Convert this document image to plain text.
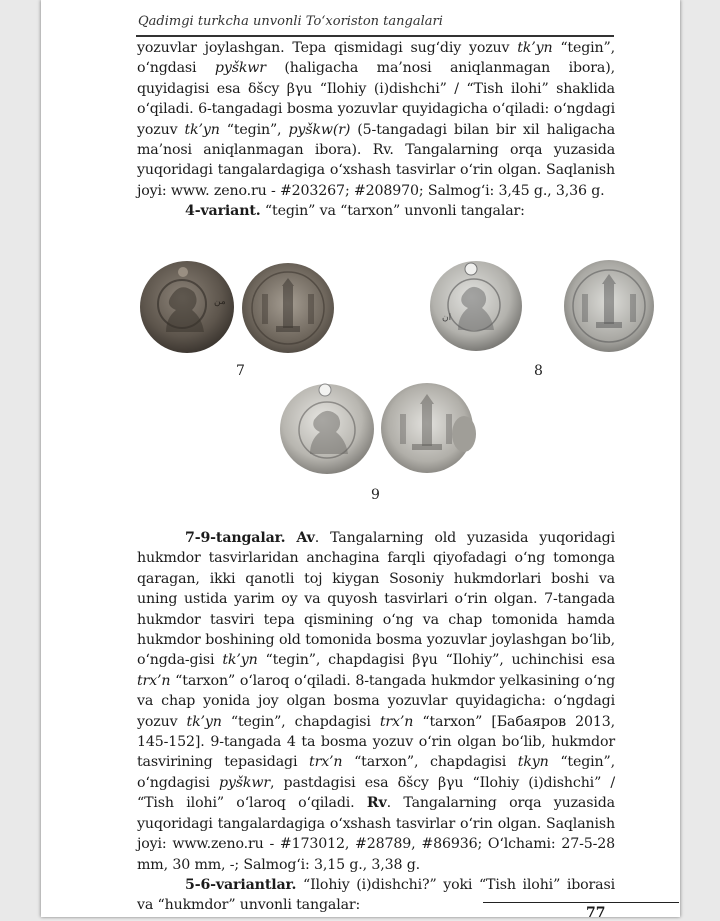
Qadimgi turkcha unvonli To‘xoriston tangalari

yozuvlar joylashgan. Tepa qismidagi sug‘diy yozuv tk’yn “tegin”, o‘ngdasi pyškwr (haligacha ma’nosi aniqlanmagan ibora), quyidagisi esa δšcy βγu “Ilohiy (i)dishchi” / “Tish ilohi” shaklida o‘qiladi. 6-tangadagi bosma yozuvlar quyidagicha o‘qiladi: o‘ngdagi yozuv tk’yn “tegin”, pyškw(r) (5-tangadagi bilan bir xil haligacha ma’nosi aniqlanmagan ibora). Rv. Tangalarning orqa yuzasida yuqoridagi tangalardagiga o‘xshash tasvirlar o‘rin olgan. Saqlanish joyi: www. zeno.ru - #203267; #208970; Salmog‘i: 3,45 g., 3,36 g.

4-variant. “tegin” va “tarxon” unvonli tangalar:

ﻣﻦ
7
ﺍﻥ
8
9

7-9-tangalar. Av. Tangalarning old yuzasida yuqoridagi hukmdor tasvirlaridan anchagina farqli qiyofadagi o‘ng tomonga qaragan, ikki qanotli toj kiygan Sosoniy hukmdorlari boshi va uning ustida yarim oy va quyosh tasvirlari o‘rin olgan. 7-tangada hukmdor tasviri tepa qismining o‘ng va chap tomonida hamda hukmdor boshining old tomonida bosma yozuvlar joylashgan bo‘lib, o‘ngda-gisi tk’yn “tegin”, chapdagisi βγu “Ilohiy”, uchinchisi esa trx’n “tarxon” o‘laroq o‘qiladi. 8-tangada hukmdor yelkasining o‘ng va chap yonida joy olgan bosma yozuvlar quyidagicha: o‘ngdagi yozuv tk’yn “tegin”, chapdagisi trx’n “tarxon” [Бабаяров 2013, 145-152]. 9-tangada 4 ta bosma yozuv o‘rin olgan bo‘lib, hukmdor tasvirining tepasidagi trx’n “tarxon”, chapdagisi tkyn “tegin”, o‘ngdagisi pyškwr, pastdagisi esa δšcy βγu “Ilohiy (i)dishchi” / “Tish ilohi” o‘laroq o‘qiladi. Rv. Tangalarning orqa yuzasida yuqoridagi tangalardagiga o‘xshash tasvirlar o‘rin olgan. Saqlanish joyi: www.zeno.ru - #173012, #28789, #86936; O‘lchami: 27-5-28 mm, 30 mm, -; Salmog‘i: 3,15 g., 3,38 g.

5-6-variantlar. “Ilohiy (i)dishchi?” yoki “Tish ilohi” iborasi va “hukmdor” unvonli tangalar:	77
